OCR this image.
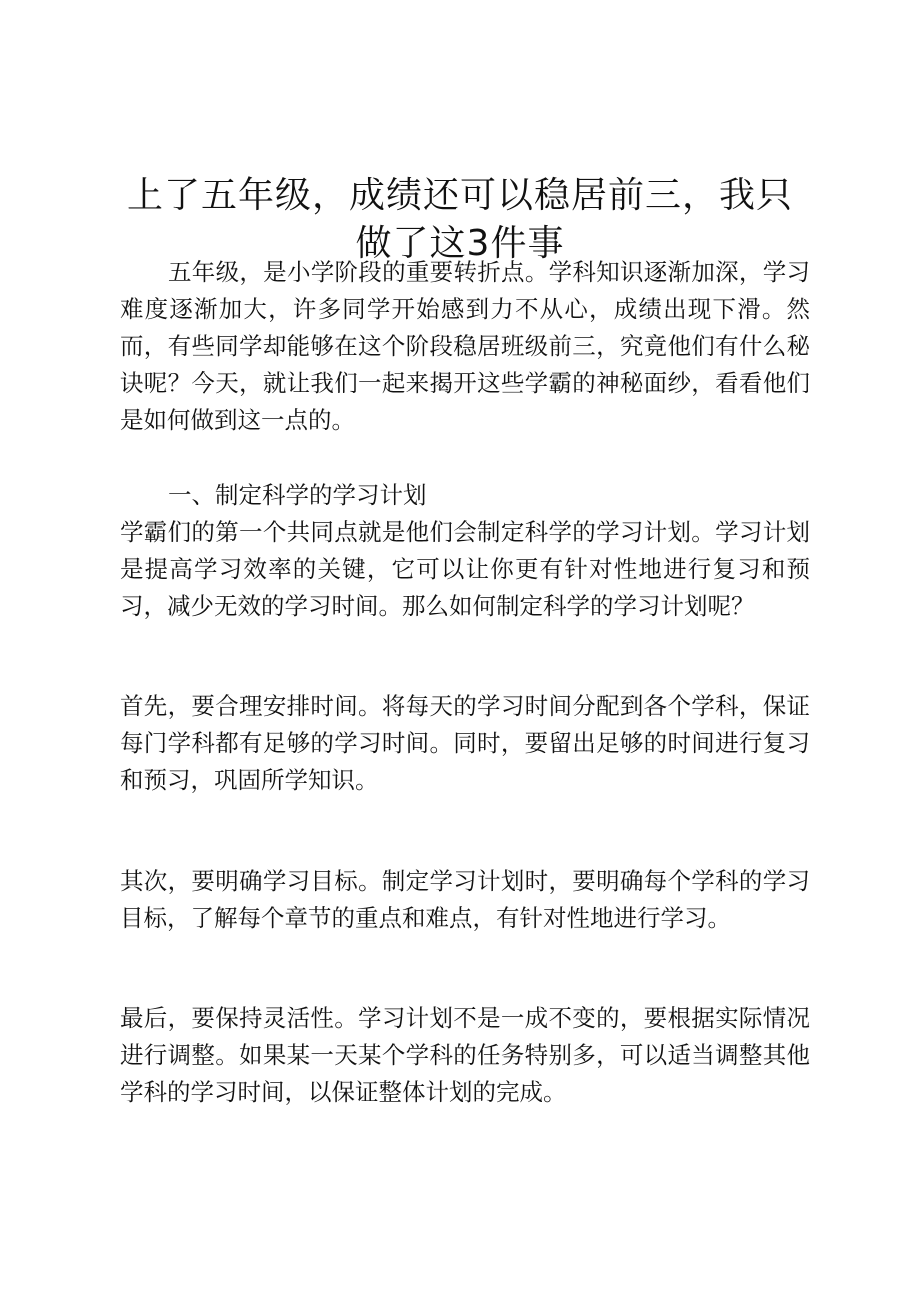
上了五年级，成绩还可以稳居前三，我只做了这3件事

五年级，是小学阶段的重要转折点。学科知识逐渐加深，学习难度逐渐加大，许多同学开始感到力不从心，成绩出现下滑。然而，有些同学却能够在这个阶段稳居班级前三，究竟他们有什么秘诀呢？今天，就让我们一起来揭开这些学霸的神秘面纱，看看他们是如何做到这一点的。

一、制定科学的学习计划

学霸们的第一个共同点就是他们会制定科学的学习计划。学习计划是提高学习效率的关键，它可以让你更有针对性地进行复习和预习，减少无效的学习时间。那么如何制定科学的学习计划呢？

首先，要合理安排时间。将每天的学习时间分配到各个学科，保证每门学科都有足够的学习时间。同时，要留出足够的时间进行复习和预习，巩固所学知识。

其次，要明确学习目标。制定学习计划时，要明确每个学科的学习目标，了解每个章节的重点和难点，有针对性地进行学习。

最后，要保持灵活性。学习计划不是一成不变的，要根据实际情况进行调整。如果某一天某个学科的任务特别多，可以适当调整其他学科的学习时间，以保证整体计划的完成。
